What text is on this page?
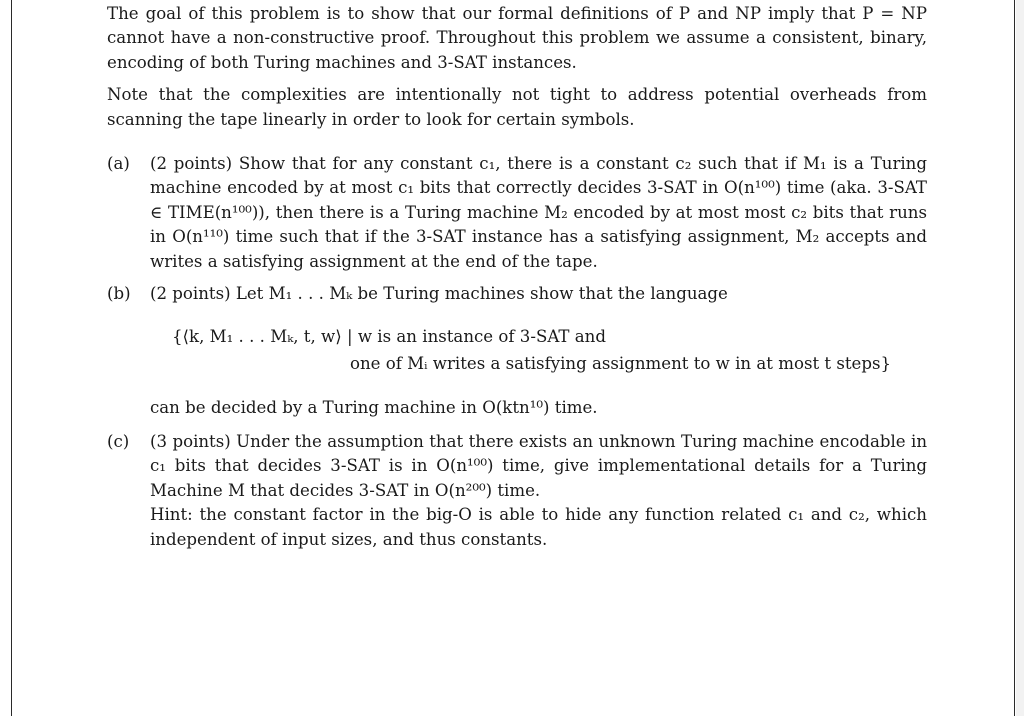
The goal of this problem is to show that our formal definitions of P and NP imply that P = NP cannot have a non-constructive proof. Throughout this problem we assume a consistent, binary, encoding of both Turing machines and 3-SAT instances.

Note that the complexities are intentionally not tight to address potential overheads from scanning the tape linearly in order to look for certain symbols.

(a) (2 points) Show that for any constant c₁, there is a constant c₂ such that if M₁ is a Turing machine encoded by at most c₁ bits that correctly decides 3-SAT in O(n¹⁰⁰) time (aka. 3-SAT ∈ TIME(n¹⁰⁰)), then there is a Turing machine M₂ encoded by at most most c₂ bits that runs in O(n¹¹⁰) time such that if the 3-SAT instance has a satisfying assignment, M₂ accepts and writes a satisfying assignment at the end of the tape.

(b) (2 points) Let M₁ . . . Mₖ be Turing machines show that the language

{⟨k, M₁ . . . Mₖ, t, w⟩ | w is an instance of 3-SAT and
one of Mᵢ writes a satisfying assignment to w in at most t steps}

can be decided by a Turing machine in O(ktn¹⁰) time.

(c) (3 points) Under the assumption that there exists an unknown Turing machine encodable in c₁ bits that decides 3-SAT is in O(n¹⁰⁰) time, give implementational details for a Turing Machine M that decides 3-SAT in O(n²⁰⁰) time.

Hint: the constant factor in the big-O is able to hide any function related c₁ and c₂, which independent of input sizes, and thus constants.
